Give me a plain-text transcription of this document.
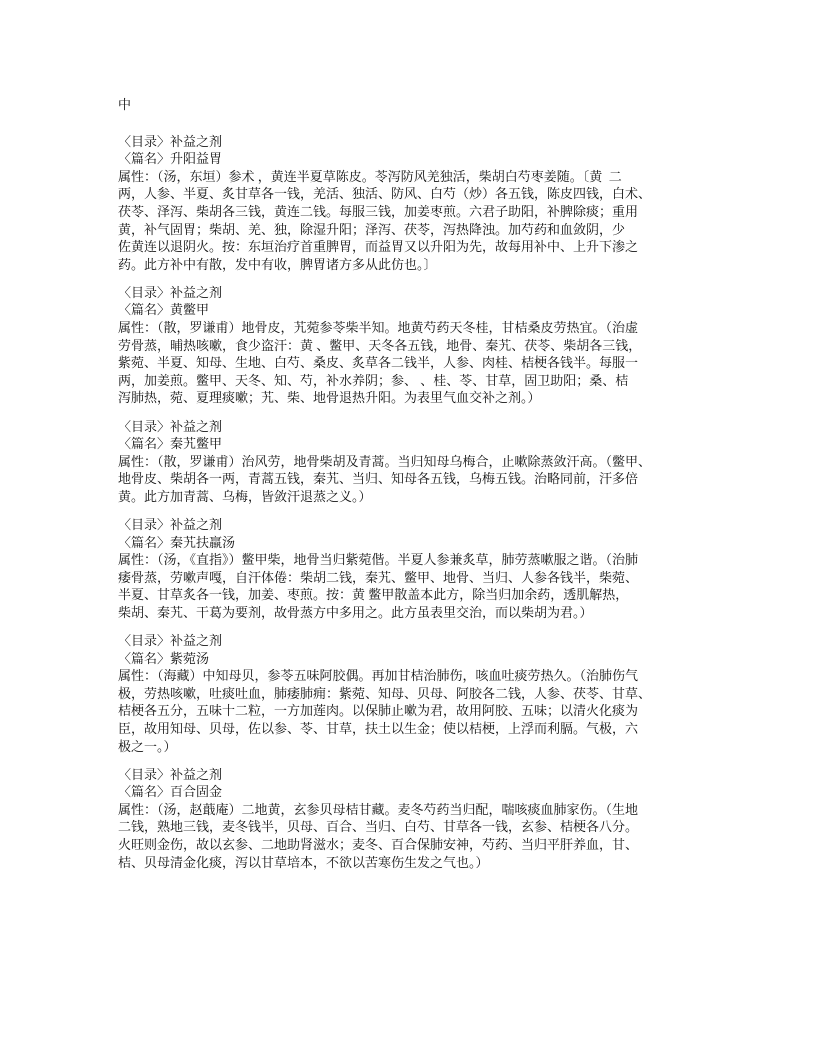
中
〈目录〉补益之剂
〈篇名〉升阳益胃
属性：（汤，东垣）参术 ，黄连半夏草陈皮。苓泻防风羌独活，柴胡白芍枣姜随。〔黄  二
两，人参、半夏、炙甘草各一钱，羌活、独活、防风、白芍（炒）各五钱，陈皮四钱，白术、
茯苓、泽泻、柴胡各三钱，黄连二钱。每服三钱，加姜枣煎。六君子助阳，补脾除痰；重用
黄，补气固胃；柴胡、羌、独，除湿升阳；泽泻、茯苓，泻热降浊。加芍药和血敛阴，少
佐黄连以退阴火。按：东垣治疗首重脾胃，而益胃又以升阳为先，故每用补中、上升下渗之
药。此方补中有散，发中有收，脾胃诸方多从此仿也。〕
〈目录〉补益之剂
〈篇名〉黄鳖甲
属性：（散，罗谦甫）地骨皮，艽菀参苓柴半知。地黄芍药天冬桂，甘桔桑皮劳热宜。（治虚
劳骨蒸，晡热咳嗽，食少盗汗：黄 、鳖甲、天冬各五钱，地骨、秦艽、茯苓、柴胡各三钱，
紫菀、半夏、知母、生地、白芍、桑皮、炙草各二钱半，人参、肉桂、桔梗各钱半。每服一
两，加姜煎。鳖甲、天冬、知、芍，补水养阴；参、 、桂、苓、甘草，固卫助阳；桑、桔
泻肺热，菀、夏理痰嗽；艽、柴、地骨退热升阳。为表里气血交补之剂。）
〈目录〉补益之剂
〈篇名〉秦艽鳖甲
属性：（散，罗谦甫）治风劳，地骨柴胡及青蒿。当归知母乌梅合，止嗽除蒸敛汗高。（鳖甲、
地骨皮、柴胡各一两，青蒿五钱，秦艽、当归、知母各五钱，乌梅五钱。治略同前，汗多倍
黄。此方加青蒿、乌梅，皆敛汗退蒸之义。）
〈目录〉补益之剂
〈篇名〉秦艽扶羸汤
属性：（汤，《直指》）鳖甲柴，地骨当归紫菀偕。半夏人参兼炙草，肺劳蒸嗽服之谐。（治肺
痿骨蒸，劳嗽声嘎，自汗体倦：柴胡二钱，秦艽、鳖甲、地骨、当归、人参各钱半，柴菀、
半夏、甘草炙各一钱，加姜、枣煎。按：黄 鳖甲散盖本此方，除当归加余药，透肌解热，
柴胡、秦艽、干葛为要剂，故骨蒸方中多用之。此方虽表里交治，而以柴胡为君。）
〈目录〉补益之剂
〈篇名〉紫菀汤
属性：（海藏）中知母贝，参苓五味阿胶偶。再加甘桔治肺伤，咳血吐痰劳热久。（治肺伤气
极，劳热咳嗽，吐痰吐血，肺痿肺痈：紫菀、知母、贝母、阿胶各二钱，人参、茯苓、甘草、
桔梗各五分，五味十二粒，一方加莲肉。以保肺止嗽为君，故用阿胶、五味；以清火化痰为
臣，故用知母、贝母，佐以参、苓、甘草，扶土以生金；使以桔梗，上浮而利膈。气极，六
极之一。）
〈目录〉补益之剂
〈篇名〉百合固金
属性：（汤，赵蕺庵）二地黄，玄参贝母桔甘藏。麦冬芍药当归配，喘咳痰血肺家伤。（生地
二钱，熟地三钱，麦冬钱半，贝母、百合、当归、白芍、甘草各一钱，玄参、桔梗各八分。
火旺则金伤，故以玄参、二地助肾滋水；麦冬、百合保肺安神，芍药、当归平肝养血，甘、
桔、贝母清金化痰，泻以甘草培本，不欲以苦寒伤生发之气也。）
